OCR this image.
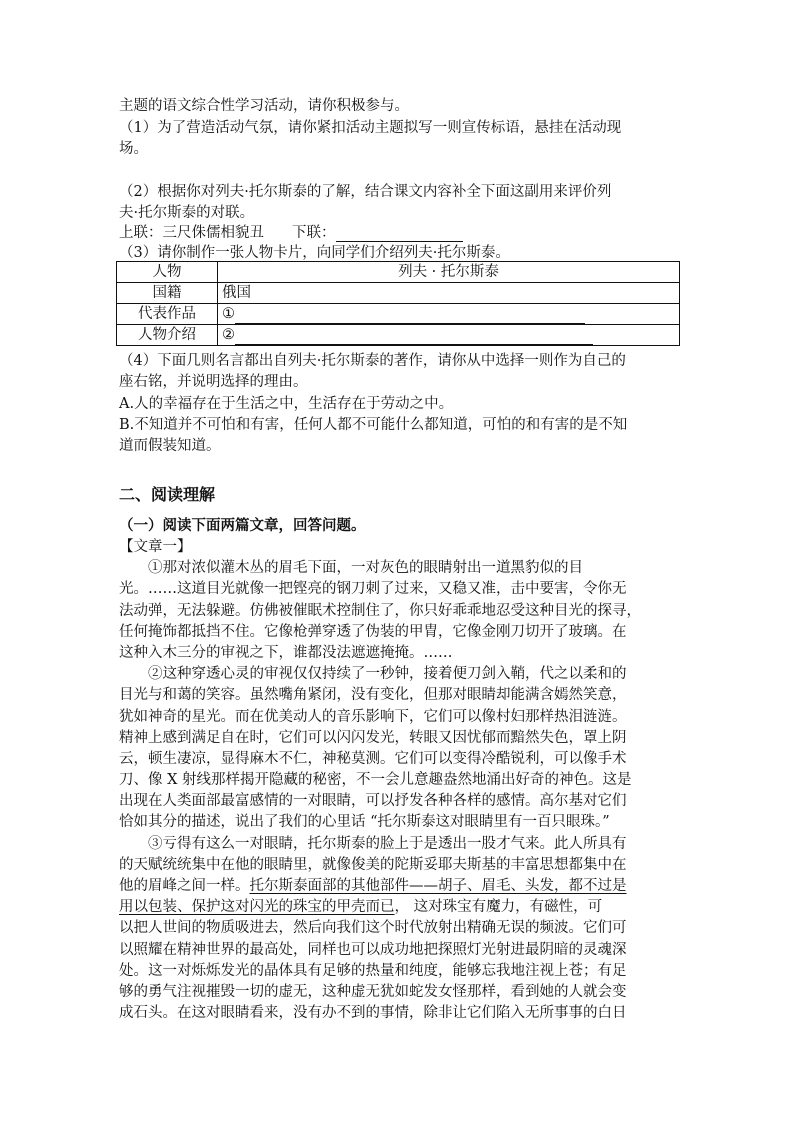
主题的语文综合性学习活动，请你积极参与。
（1）为了营造活动气氛，请你紧扣活动主题拟写一则宣传标语，悬挂在活动现
场。
（2）根据你对列夫·托尔斯泰的了解，结合课文内容补全下面这副用来评价列
夫·托尔斯泰的对联。
上联：三尺侏儒相貌丑 下联：
（3）请你制作一张人物卡片，向同学们介绍列夫·托尔斯泰。
人物	列夫 · 托尔斯泰
国籍	俄国
代表作品	①
人物介绍	②
（4）下面几则名言都出自列夫·托尔斯泰的著作，请你从中选择一则作为自己的
座右铭，并说明选择的理由。
A.人的幸福存在于生活之中，生活存在于劳动之中。
B.不知道并不可怕和有害，任何人都不可能什么都知道，可怕的和有害的是不知
道而假装知道。
二、阅读理解
（一）阅读下面两篇文章，回答问题。
【文章一】
①那对浓似灌木丛的眉毛下面，一对灰色的眼睛射出一道黑豹似的目
光。……这道目光就像一把铿亮的钢刀刺了过来，又稳又准，击中要害，令你无
法动弹，无法躲避。仿佛被催眠术控制住了，你只好乖乖地忍受这种目光的探寻，
任何掩饰都抵挡不住。它像枪弹穿透了伪装的甲胄，它像金刚刀切开了玻璃。在
这种入木三分的审视之下，谁都没法遮遮掩掩。……
②这种穿透心灵的审视仅仅持续了一秒钟，接着便刀剑入鞘，代之以柔和的
目光与和蔼的笑容。虽然嘴角紧闭，没有变化，但那对眼睛却能满含嫣然笑意，
犹如神奇的星光。而在优美动人的音乐影响下，它们可以像村妇那样热泪涟涟。
精神上感到满足自在时，它们可以闪闪发光，转眼又因忧郁而黯然失色，罩上阴
云，顿生凄凉，显得麻木不仁，神秘莫测。它们可以变得冷酷锐利，可以像手术
刀、像 X 射线那样揭开隐藏的秘密，不一会儿意趣盎然地涌出好奇的神色。这是
出现在人类面部最富感情的一对眼睛，可以抒发各种各样的感情。高尔基对它们
恰如其分的描述，说出了我们的心里话 “托尔斯泰这对眼睛里有一百只眼珠。”
③亏得有这么一对眼睛，托尔斯泰的脸上于是透出一股才气来。此人所具有
的天赋统统集中在他的眼睛里，就像俊美的陀斯妥耶夫斯基的丰富思想都集中在
他的眉峰之间一样。托尔斯泰面部的其他部件——胡子、眉毛、头发，都不过是
用以包装、保护这对闪光的珠宝的甲壳而已， 这对珠宝有魔力，有磁性，可
以把人世间的物质吸进去，然后向我们这个时代放射出精确无误的频波。它们可
以照耀在精神世界的最高处，同样也可以成功地把探照灯光射进最阴暗的灵魂深
处。这一对烁烁发光的晶体具有足够的热量和纯度，能够忘我地注视上苍；有足
够的勇气注视摧毁一切的虚无，这种虚无犹如蛇发女怪那样，看到她的人就会变
成石头。在这对眼睛看来，没有办不到的事情，除非让它们陷入无所事事的白日
